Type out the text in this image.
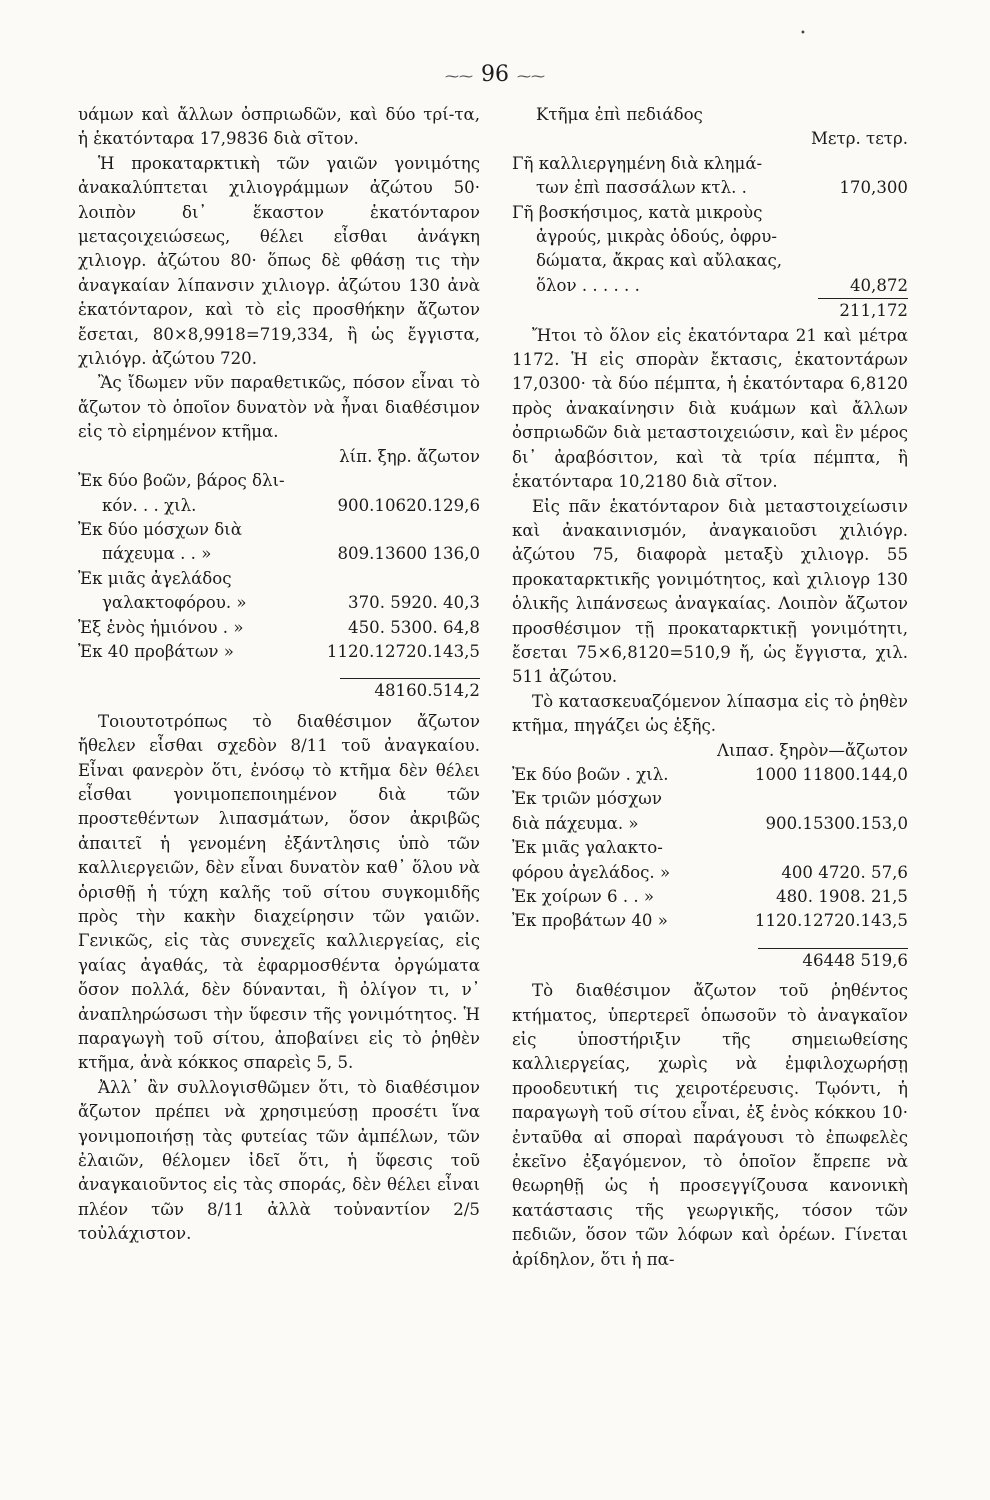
•
⁓⁓ 96 ⁓⁓

υάμων καὶ ἄλλων ὀσπριωδῶν, καὶ δύο τρί-τα, ἡ ἑκατόνταρα 17,9836 διὰ σῖτον.

Ἡ προκαταρκτικὴ τῶν γαιῶν γονιμότης ἀνακαλύπτεται χιλιογράμμων ἀζώτου 50· λοιπὸν δι᾽ ἕκαστον ἑκατόνταρον μεταςοιχειώσεως, θέλει εἶσθαι ἀνάγκη χιλιογρ. ἀζώτου 80· ὅπως δὲ φθάσῃ τις τὴν ἀναγκαίαν λίπανσιν χιλιογρ. ἀζώτου 130 ἀνὰ ἑκατόνταρον, καὶ τὸ εἰς προσθήκην ἄζωτον ἔσεται, 80×8,9918=719,334, ἢ ὡς ἔγγιστα, χιλιόγρ. ἀζώτου 720.

Ἂς ἴδωμεν νῦν παραθετικῶς, πόσον εἶναι τὸ ἄζωτον τὸ ὁποῖον δυνατὸν νὰ ἦναι διαθέσιμον εἰς τὸ εἰρημένον κτῆμα.

λίπ. ξηρ. ἄζωτον
Ἐκ δύο βοῶν, βάρος δλι-
κόν. . . χιλ.	900.10620.129,6
Ἐκ δύο μόσχων διὰ
πάχευμα . . »	809.13600 136,0
Ἐκ μιᾶς ἀγελάδος
γαλακτοφόρου. »	370. 5920. 40,3
Ἐξ ἑνὸς ἡμιόνου . »	450. 5300. 64,8
Ἐκ 40 προβάτων »	1120.12720.143,5
48160.514,2

Τοιουτοτρόπως τὸ διαθέσιμον ἄζωτον ἤθελεν εἶσθαι σχεδὸν 8/11 τοῦ ἀναγκαίου. Εἶναι φανερὸν ὅτι, ἐνόσῳ τὸ κτῆμα δὲν θέλει εἶσθαι γονιμοπεποιημένον διὰ τῶν προστεθέντων λιπασμάτων, ὅσον ἀκριβῶς ἀπαιτεῖ ἡ γενομένη ἐξάντλησις ὑπὸ τῶν καλλιεργειῶν, δὲν εἶναι δυνατὸν καθ᾽ ὅλου νὰ ὁρισθῇ ἡ τύχη καλῆς τοῦ σίτου συγκομιδῆς πρὸς τὴν κακὴν διαχείρησιν τῶν γαιῶν. Γενικῶς, εἰς τὰς συνεχεῖς καλλιεργείας, εἰς γαίας ἀγαθάς, τὰ ἐφαρμοσθέντα ὀργώματα ὅσον πολλά, δὲν δύνανται, ἢ ὀλίγον τι, ν᾽ ἀναπληρώσωσι τὴν ὕφεσιν τῆς γονιμότητος. Ἡ παραγωγὴ τοῦ σίτου, ἀποβαίνει εἰς τὸ ῥηθὲν κτῆμα, ἀνὰ κόκκος σπαρεὶς 5, 5.

Ἀλλ᾽ ἂν συλλογισθῶμεν ὅτι, τὸ διαθέσιμον ἄζωτον πρέπει νὰ χρησιμεύσῃ προσέτι ἵνα γονιμοποιήσῃ τὰς φυτείας τῶν ἀμπέλων, τῶν ἐλαιῶν, θέλομεν ἰδεῖ ὅτι, ἡ ὕφεσις τοῦ ἀναγκαιοῦντος εἰς τὰς σποράς, δὲν θέλει εἶναι πλέον τῶν 8/11 ἀλλὰ τοὐναντίον 2/5 τοὐλάχιστον.

Κτῆμα ἐπὶ πεδιάδος
Μετρ. τετρ.
Γῆ καλλιεργημένη διὰ κλημά-
των ἐπὶ πασσάλων κτλ. .	170,300
Γῆ βοσκήσιμος, κατὰ μικροὺς
ἀγρούς, μικρὰς ὁδούς, ὀφρυ-
δώματα, ἄκρας καὶ αὔλακας,
ὅλον . . . . . .	40,872
211,172

Ἤτοι τὸ ὅλον εἰς ἑκατόνταρα 21 καὶ μέτρα 1172. Ἡ εἰς σπορὰν ἔκτασις, ἑκατοντάρων 17,0300· τὰ δύο πέμπτα, ἡ ἑκατόνταρα 6,8120 πρὸς ἀνακαίνησιν διὰ κυάμων καὶ ἄλλων ὀσπριωδῶν διὰ μεταστοιχειώσιν, καὶ ἓν μέρος δι᾽ ἀραβόσιτον, καὶ τὰ τρία πέμπτα, ἢ ἑκατόνταρα 10,2180 διὰ σῖτον.

Εἰς πᾶν ἑκατόνταρον διὰ μεταστοιχείωσιν καὶ ἀνακαινισμόν, ἀναγκαιοῦσι χιλιόγρ. ἀζώτου 75, διαφορὰ μεταξὺ χιλιογρ. 55 προκαταρκτικῆς γονιμότητος, καὶ χιλιογρ 130 ὁλικῆς λιπάνσεως ἀναγκαίας. Λοιπὸν ἄζωτον προσθέσιμον τῇ προκαταρκτικῇ γονιμότητι, ἔσεται 75×6,8120=510,9 ἤ, ὡς ἔγγιστα, χιλ. 511 ἀζώτου.

Τὸ κατασκευαζόμενον λίπασμα εἰς τὸ ῥηθὲν κτῆμα, πηγάζει ὡς ἑξῆς.

Λιπασ. ξηρὸν—ἄζωτον
Ἐκ δύο βοῶν . χιλ.	1000 11800.144,0
Ἐκ τριῶν μόσχων
διὰ πάχευμα. »	900.15300.153,0
Ἐκ μιᾶς γαλακτο-
φόρου ἀγελάδος. »	400 4720. 57,6
Ἐκ χοίρων 6 . . »	480. 1908. 21,5
Ἐκ προβάτων 40 »	1120.12720.143,5
46448 519,6

Τὸ διαθέσιμον ἄζωτον τοῦ ῥηθέντος κτήματος, ὑπερτερεῖ ὁπωσοῦν τὸ ἀναγκαῖον εἰς ὑποστήριξιν τῆς σημειωθείσης καλλιεργείας, χωρὶς νὰ ἐμφιλοχωρήσῃ προοδευτική τις χειροτέρευσις. Τῳόντι, ἡ παραγωγὴ τοῦ σίτου εἶναι, ἐξ ἑνὸς κόκκου 10· ἐνταῦθα αἱ σποραὶ παράγουσι τὸ ἐπωφελὲς ἐκεῖνο ἐξαγόμενον, τὸ ὁποῖον ἔπρεπε νὰ θεωρηθῇ ὡς ἡ προσεγγίζουσα κανονικὴ κατάστασις τῆς γεωργικῆς, τόσον τῶν πεδιῶν, ὅσον τῶν λόφων καὶ ὀρέων. Γίνεται ἀρίδηλον, ὅτι ἡ πα-
